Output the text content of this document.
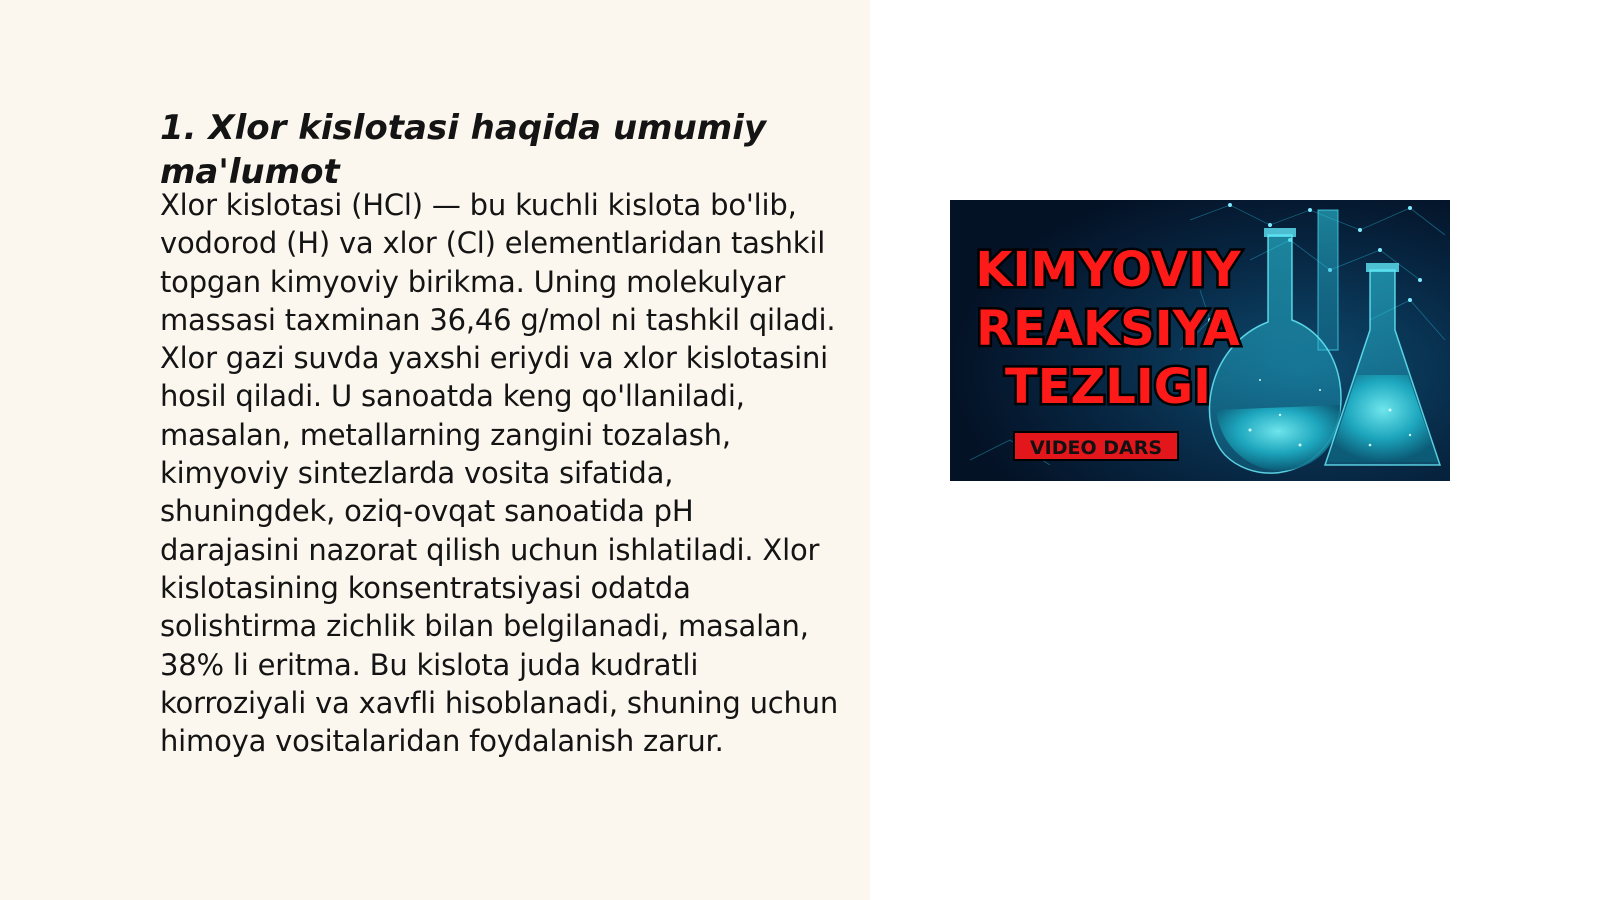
1. Xlor kislotasi haqida umumiy ma'lumot

Xlor kislotasi (HCl) — bu kuchli kislota bo'lib, vodorod (H) va xlor (Cl) elementlaridan tashkil topgan kimyoviy birikma. Uning molekulyar massasi taxminan 36,46 g/mol ni tashkil qiladi. Xlor gazi suvda yaxshi eriydi va xlor kislotasini hosil qiladi. U sanoatda keng qo'llaniladi, masalan, metallarning zangini tozalash, kimyoviy sintezlarda vosita sifatida, shuningdek, oziq-ovqat sanoatida pH darajasini nazorat qilish uchun ishlatiladi. Xlor kislotasining konsentratsiyasi odatda solishtirma zichlik bilan belgilanadi, masalan, 38% li eritma. Bu kislota juda kudratli korroziyali va xavfli hisoblanadi, shuning uchun himoya vositalaridan foydalanish zarur.

KIMYOVIY
REAKSIYA
TEZLIGI
VIDEO DARS
